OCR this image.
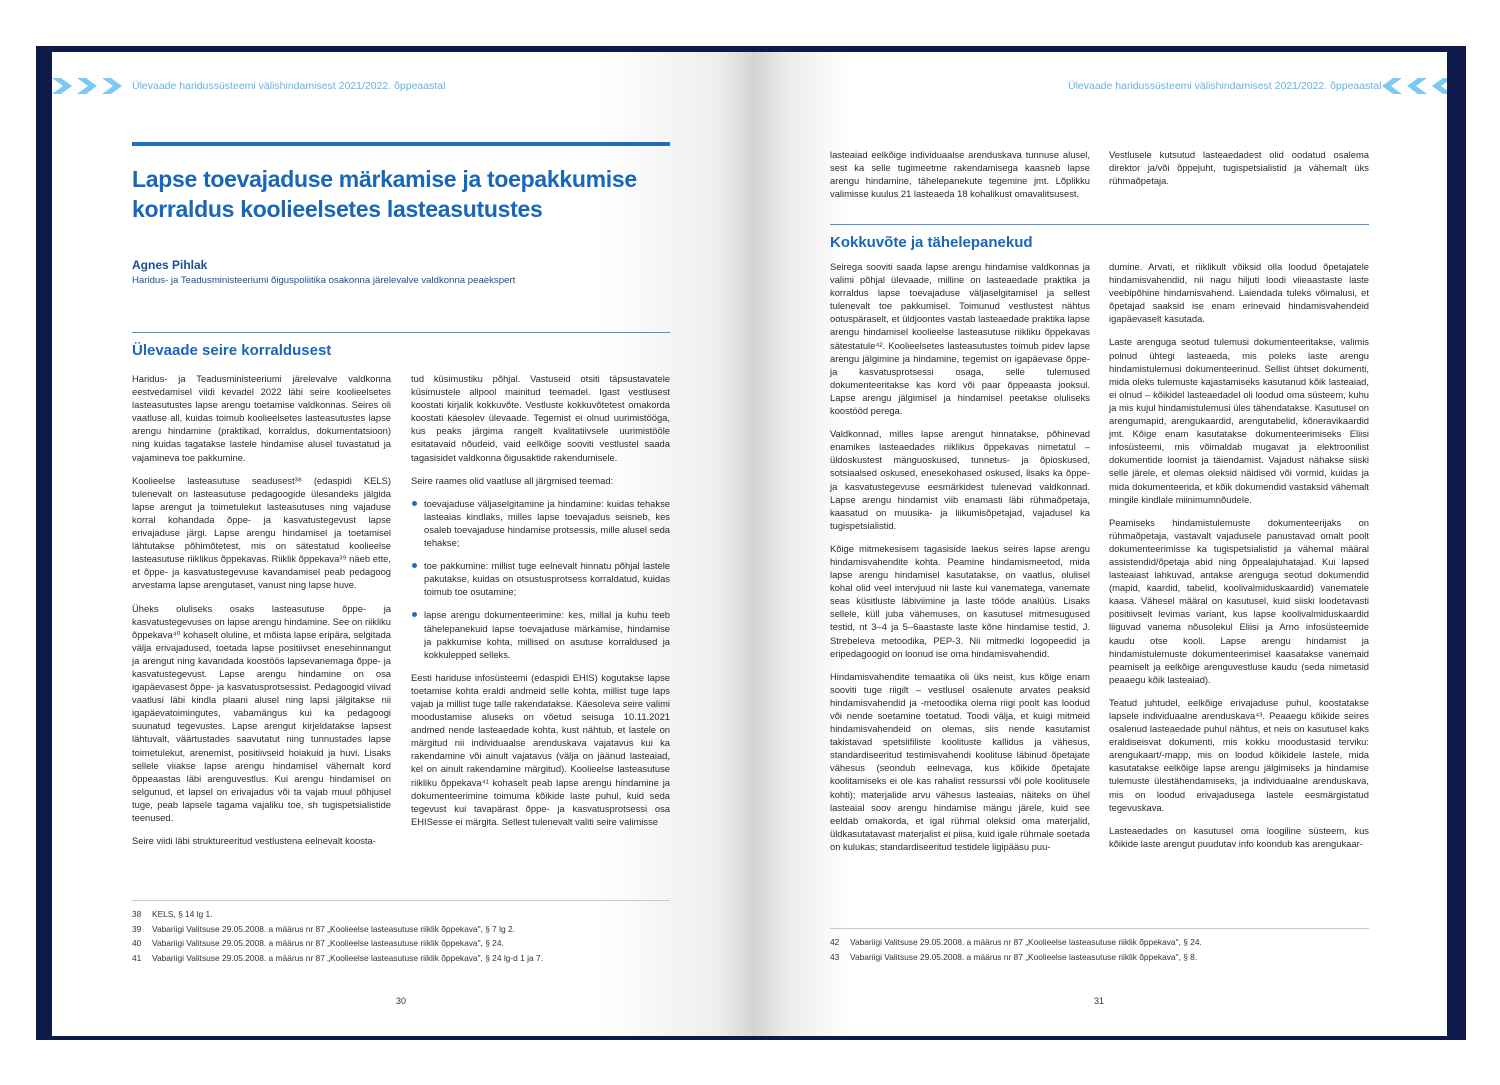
Ülevaade haridussüsteemi välishindamisest 2021/2022. õppeaastal
Lapse toevajaduse märkamise ja toepakkumise korraldus koolieelsetes lasteasutustes
Agnes Pihlak
Haridus- ja Teadusministeeriumi õiguspoliitika osakonna järelevalve valdkonna peaekspert
Ülevaade seire korraldusest

Haridus- ja Teadusministeeriumi järelevalve valdkonna eestvedamisel viidi kevadel 2022 läbi seire koolieelsetes lasteasutustes lapse arengu toetamise valdkonnas. Seires oli vaatluse all, kuidas toimub koolieelsetes lasteasutustes lapse arengu hindamine (praktikad, korraldus, dokumentatsioon) ning kuidas tagatakse lastele hindamise alusel tuvastatud ja vajaminevа toe pakkumine.

Koolieelse lasteasutuse seadusest³⁸ (edaspidi KELS) tulenevalt on lasteasutuse pedagoogide ülesandeks jälgida lapse arengut ja toimetulekut lasteasutuses ning vajaduse korral kohandada õppe- ja kasvatustegevust lapse erivajaduse järgi. Lapse arengu hindamisel ja toetamisel lähtutakse põhimõtetest, mis on sätestatud koolieelse lasteasutuse riiklikus õppekavas. Riiklik õppekava³⁹ näeb ette, et õppe- ja kasvatustegevuse kavandamisel peab pedagoog arvestama lapse arengutaset, vanust ning lapse huve.

Üheks oluliseks osaks lasteasutuse õppe- ja kasvatustegevuses on lapse arengu hindamine. See on riikliku õppekava⁴⁰ kohaselt oluline, et mõista lapse eripära, selgitada välja erivajadused, toetada lapse positiivset enesehinnangut ja arengut ning kavandada koostöös lapsevanemaga õppe- ja kasvatustegevust. Lapse arengu hindamine on osa igapäevasest õppe- ja kasvatusprotsessist. Pedagoogid viivad vaatlusi läbi kindla plaani alusel ning lapsi jälgitakse nii igapäevatoimingutes, vabamängus kui ka pedagoogi suunatud tegevustes. Lapse arengut kirjeldatakse lapsest lähtuvalt, väärtustades saavutatut ning tunnustades lapse toimetulekut, arenemist, positiivseid hoiakuid ja huvi. Lisaks sellele viiakse lapse arengu hindamisel vähemalt kord õppeaastas läbi arenguvestlus. Kui arengu hindamisel on selgunud, et lapsel on erivajadus või ta vajab muul põhjusel tuge, peab lapsele tagama vajaliku toe, sh tugispetsialistide teenused.

Seire viidi läbi struktureeritud vestlustena eelnevalt koosta-

tud küsimustiku põhjal. Vastuseid otsiti täpsustavatele küsimustele allpool mainitud teemadel. Igast vestlusest koostati kirjalik kokkuvõte. Vestluste kokkuvõtetest omakorda koostati käesolev ülevaade. Tegemist ei olnud uurimistööga, kus peaks järgima rangelt kvalitatiivsele uurimistööle esitatavaid nõudeid, vaid eelkõige sooviti vestlustel saada tagasisidet valdkonna õigusaktide rakendumisele.

Seire raames olid vaatluse all järgmised teemad:

toevajaduse väljaselgitamine ja hindamine: kuidas tehakse lasteaias kindlaks, milles lapse toevajadus seisneb, kes osaleb toevajaduse hindamise protsessis, mille alusel seda tehakse;
toe pakkumine: millist tuge eelnevalt hinnatu põhjal lastele pakutakse, kuidas on otsustusprotsess korraldatud, kuidas toimub toe osutamine;
lapse arengu dokumenteerimine: kes, millal ja kuhu teeb tähelepanekuid lapse toevajaduse märkamise, hindamise ja pakkumise kohta, millised on asutuse korraldused ja kokkulepped selleks.

Eesti hariduse infosüsteemi (edaspidi EHIS) kogutakse lapse toetamise kohta eraldi andmeid selle kohta, millist tuge laps vajab ja millist tuge talle rakendatakse. Käesoleva seire valimi moodustamise aluseks on võetud seisuga 10.11.2021 andmed nende lasteaedade kohta, kust nähtub, et lastele on märgitud nii individuaalse arenduskava vajatavus kui ka rakendamine või ainult vajatavus (välja on jäänud lasteaiad, kel on ainult rakendamine märgitud). Koolieelse lasteasutuse riikliku õppekava⁴¹ kohaselt peab lapse arengu hindamine ja dokumenteerimine toimuma kõikide laste puhul, kuid seda tegevust kui tavapärast õppe- ja kasvatusprotsessi osa EHISesse ei märgita. Sellest tulenevalt valiti seire valimisse

38	KELS, § 14 lg 1.
39	Vabariigi Valitsuse 29.05.2008. a määrus nr 87 „Koolieelse lasteasutuse riiklik õppekava", § 7 lg 2.
40	Vabariigi Valitsuse 29.05.2008. a määrus nr 87 „Koolieelse lasteasutuse riiklik õppekava", § 24.
41	Vabariigi Valitsuse 29.05.2008. a määrus nr 87 „Koolieelse lasteasutuse riiklik õppekava", § 24 lg-d 1 ja 7.
30
Ülevaade haridussüsteemi välishindamisest 2021/2022. õppeaastal

lasteaiad eelkõige individuaalse arenduskava tunnuse alusel, sest ka selle tugimeetme rakendamisega kaasneb lapse arengu hindamine, tähelepanekute tegemine jmt. Lõplikku valimisse kuulus 21 lasteaeda 18 kohalikust omavalitsusest.

Vestlusele kutsutud lasteaedadest olid oodatud osalema direktor ja/või õppejuht, tugispetsialistid ja vähemalt üks rühmaõpetaja.

Kokkuvõte ja tähelepanekud

Seirega sooviti saada lapse arengu hindamise valdkonnas ja valimi põhjal ülevaade, milline on lasteaedade praktika ja korraldus lapse toevajaduse väljaselgitamisel ja sellest tulenevalt toe pakkumisel. Toimunud vestlustest nähtus ootuspäraselt, et üldjoontes vastab lasteaedade praktika lapse arengu hindamisel koolieelse lasteasutuse riikliku õppekavas sätestatule⁴². Koolieelsetes lasteasutustes toimub pidev lapse arengu jälgimine ja hindamine, tegemist on igapäevase õppe- ja kasvatusprotsessi osaga, selle tulemused dokumenteeritakse kas kord või paar õppeaasta jooksul. Lapse arengu jälgimisel ja hindamisel peetakse oluliseks koostööd perega.

Valdkonnad, milles lapse arengut hinnatakse, põhinevad enamikes lasteaedades riiklikus õppekavas nimetatul – üldoskustest mänguoskused, tunnetus- ja õpioskused, sotsiaalsed oskused, enesekohased oskused, lisaks ka õppe- ja kasvatustegevuse eesmärkidest tulenevad valdkonnad. Lapse arengu hindamist viib enamasti läbi rühmaõpetaja, kaasatud on muusika- ja liikumisõpetajad, vajadusel ka tugispetsialistid.

Kõige mitmekesisem tagasiside laekus seires lapse arengu hindamisvahendite kohta. Peamine hindamismeetod, mida lapse arengu hindamisel kasutatakse, on vaatlus, olulisel kohal olid veel intervjuud nii laste kui vanematega, vanemate seas küsitluste läbiviimine ja laste tööde analüüs. Lisaks sellele, küll juba vähemuses, on kasutusel mitmesugused testid, nt 3–4 ja 5–6aastaste laste kõne hindamise testid, J. Strebeleva metoodika, PEP-3. Nii mitmedki logopeedid ja eripedagoogid on loonud ise oma hindamisvahendid.

Hindamisvahendite temaatika oli üks neist, kus kõige enam sooviti tuge riigilt – vestlusel osalenute arvates peaksid hindamisvahendid ja -metoodika olema riigi poolt kas loodud või nende soetamine toetatud. Toodi välja, et kuigi mitmeid hindamisvahendeid on olemas, siis nende kasutamist takistavad spetsiifiliste koolituste kallidus ja vähesus, standardiseeritud testimisvahendi koolituse läbinud õpetajate vähesus (seondub eelnevaga, kus kõikide õpetajate koolitamiseks ei ole kas rahalist ressurssi või pole koolitusele kohti); materjalide arvu vähesus lasteaias, näiteks on ühel lasteaial soov arengu hindamise mängu järele, kuid see eeldab omakorda, et igal rühmal oleksid oma materjalid, üldkasutatavast materjalist ei piisa, kuid igale rühmale soetada on kulukas; standardiseeritud testidele ligipääsu puu-

dumine. Arvati, et riiklikult võiksid olla loodud õpetajatele hindamisvahendid, nii nagu hiljuti loodi viieaastaste laste veebipõhine hindamisvahend. Laiendada tuleks võimalusi, et õpetajad saaksid ise enam erinevaid hindamisvahendeid igapäevaselt kasutada.

Laste arenguga seotud tulemusi dokumenteeritakse, valimis polnud ühtegi lasteaeda, mis poleks laste arengu hindamistulemusi dokumenteerinud. Sellist ühtset dokumenti, mida oleks tulemuste kajastamiseks kasutanud kõik lasteaiad, ei olnud – kõikidel lasteaedadel oli loodud oma süsteem, kuhu ja mis kujul hindamistulemusi üles tähendatakse. Kasutusel on arengumapid, arengukaardid, arengutabelid, kõneravikaardid jmt. Kõige enam kasutatakse dokumenteerimiseks Eliisi infosüsteemi, mis võimaldab mugavat ja elektroonilist dokumentide loomist ja täiendamist. Vajadust nähakse siiski selle järele, et olemas oleksid näidised või vormid, kuidas ja mida dokumenteerida, et kõik dokumendid vastaksid vähemalt mingile kindlale miinimumnõudele.

Peamiseks hindamistulemuste dokumenteerijaks on rühmaõpetaja, vastavalt vajadusele panustavad omalt poolt dokumenteerimisse ka tugispetsialistid ja vähemal määral assistendid/õpetaja abid ning õppealajuhatajad. Kui lapsed lasteaiast lahkuvad, antakse arenguga seotud dokumendid (mapid, kaardid, tabelid, koolivalmiduskaardid) vanematele kaasa. Vähesel määral on kasutusel, kuid siiski loodetavasti positiivselt levimas variant, kus lapse koolivalmiduskaardid liiguvad vanema nõusolekul Eliisi ja Arno infosüsteemide kaudu otse kooli. Lapse arengu hindamist ja hindamistulemuste dokumenteerimisel kaasatakse vanemaid peamiselt ja eelkõige arenguvestluse kaudu (seda nimetasid peaaegu kõik lasteaiad).

Teatud juhtudel, eelkõige erivajaduse puhul, koostatakse lapsele individuaalne arenduskava⁴³. Peaaegu kõikide seires osalenud lasteaedade puhul nähtus, et neis on kasutusel kaks eraldiseisvat dokumenti, mis kokku moodustasid terviku: arengukaart/-mapp, mis on loodud kõikidele lastele, mida kasutatakse eelkõige lapse arengu jälgimiseks ja hindamise tulemuste ülestähendamiseks, ja individuaalne arenduskava, mis on loodud erivajadusega lastele eesmärgistatud tegevuskava.

Lasteaedades on kasutusel oma loogiline süsteem, kus kõikide laste arengut puudutav info koondub kas arengukaar-

42	Vabariigi Valitsuse 29.05.2008. a määrus nr 87 „Koolieelse lasteasutuse riiklik õppekava", § 24.
43	Vabariigi Valitsuse 29.05.2008. a määrus nr 87 „Koolieelse lasteasutuse riiklik õppekava", § 8.
31
